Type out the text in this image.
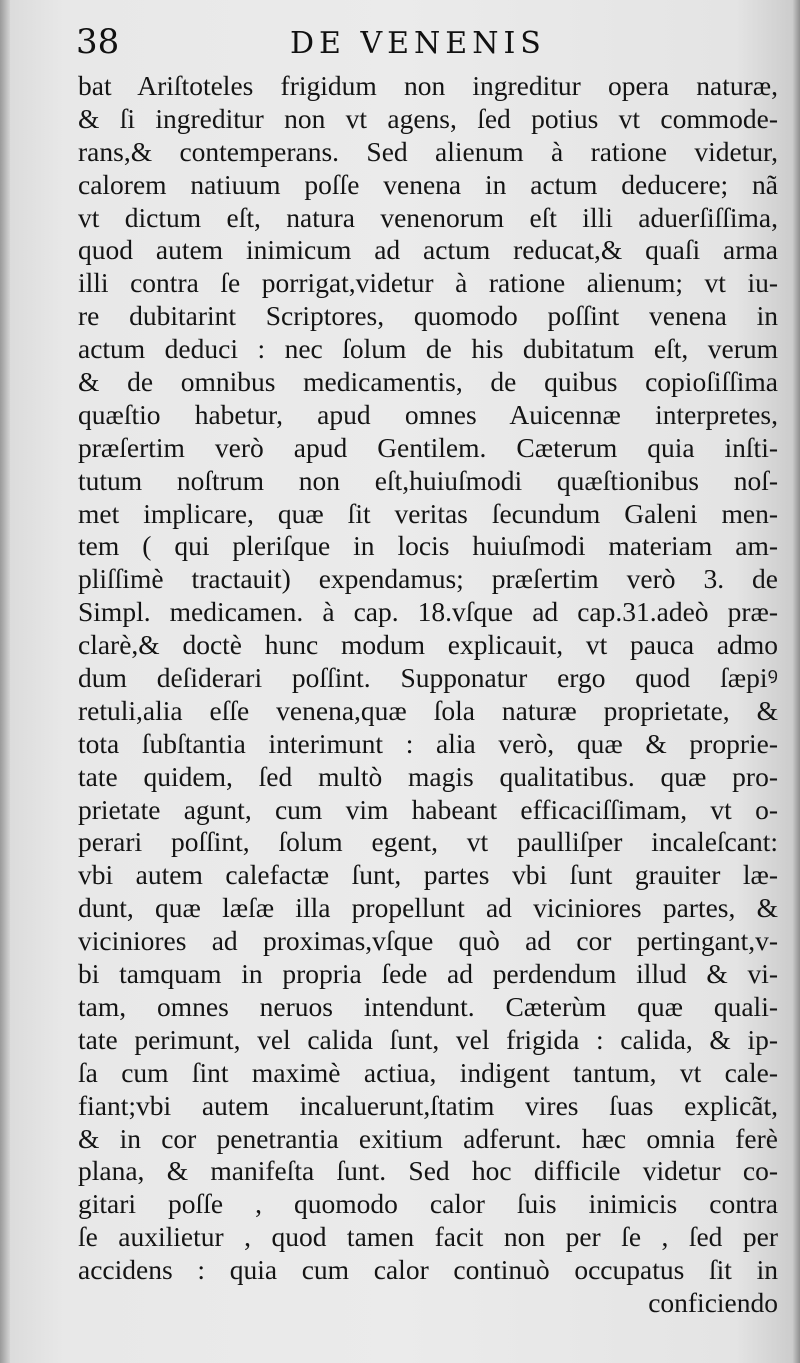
38	DE VENENIS
bat Ariſtoteles frigidum non ingreditur opera naturæ,
& ſi ingreditur non vt agens, ſed potius vt commode-
rans,& contemperans. Sed alienum à ratione videtur,
calorem natiuum poſſe venena in actum deducere; nã
vt dictum eſt, natura venenorum eſt illi aduerſiſſima,
quod autem inimicum ad actum reducat,& quaſi arma
illi contra ſe porrigat,videtur à ratione alienum; vt iu-
re dubitarint Scriptores, quomodo poſſint venena in
actum deduci : nec ſolum de his dubitatum eſt, verum
& de omnibus medicamentis, de quibus copioſiſſima
quæſtio habetur, apud omnes Auicennæ interpretes,
præſertim verò apud Gentilem. Cæterum quia inſti-
tutum noſtrum non eſt,huiuſmodi quæſtionibus noſ-
met implicare, quæ ſit veritas ſecundum Galeni men-
tem ( qui pleriſque in locis huiuſmodi materiam am-
pliſſimè tractauit) expendamus; præſertim verò 3. de
Simpl. medicamen. à cap. 18.vſque ad cap.31.adeò præ-
clarè,& doctè hunc modum explicauit, vt pauca admo
dum deſiderari poſſint. Supponatur ergo quod ſæpiꝰ
retuli,alia eſſe venena,quæ ſola naturæ proprietate, &
tota ſubſtantia interimunt : alia verò, quæ & proprie-
tate quidem, ſed multò magis qualitatibus. quæ pro-
prietate agunt, cum vim habeant efficaciſſimam, vt o-
perari poſſint, ſolum egent, vt paulliſper incaleſcant:
vbi autem calefactæ ſunt, partes vbi ſunt grauiter læ-
dunt, quæ læſæ illa propellunt ad viciniores partes, &
viciniores ad proximas,vſque quò ad cor pertingant,v-
bi tamquam in propria ſede ad perdendum illud & vi-
tam, omnes neruos intendunt. Cæterùm quæ quali-
tate perimunt, vel calida ſunt, vel frigida : calida, & ip-
ſa cum ſint maximè actiua, indigent tantum, vt cale-
fiant;vbi autem incaluerunt,ſtatim vires ſuas explicãt,
& in cor penetrantia exitium adferunt. hæc omnia ferè
plana, & manifeſta ſunt. Sed hoc difficile videtur co-
gitari poſſe , quomodo calor ſuis inimicis contra
ſe auxilietur , quod tamen facit non per ſe , ſed per
accidens : quia cum calor continuò occupatus ſit in
conficiendo
